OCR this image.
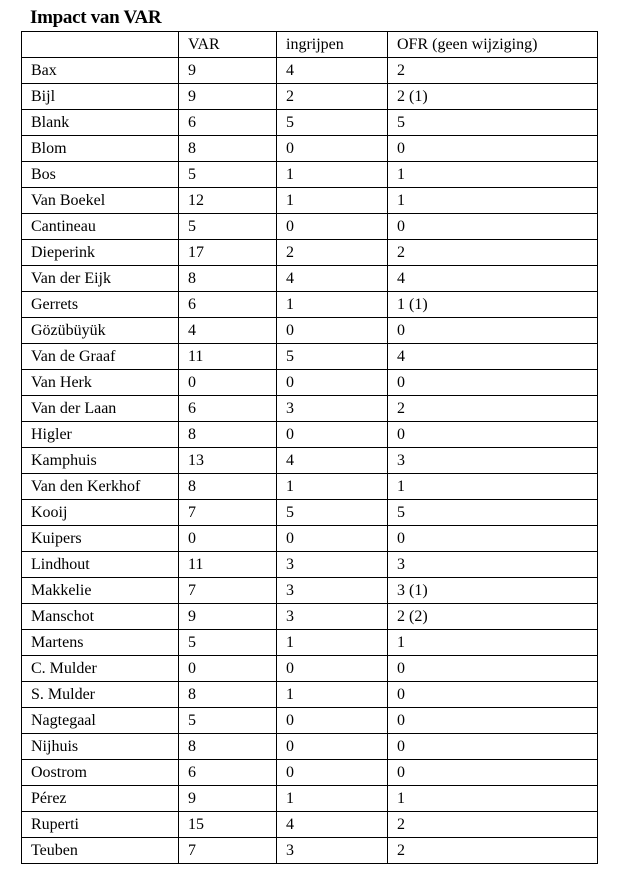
Impact van VAR
	VAR	ingrijpen	OFR (geen wijziging)
Bax	9	4	2
Bijl	9	2	2 (1)
Blank	6	5	5
Blom	8	0	0
Bos	5	1	1
Van Boekel	12	1	1
Cantineau	5	0	0
Dieperink	17	2	2
Van der Eijk	8	4	4
Gerrets	6	1	1 (1)
Gözübüyük	4	0	0
Van de Graaf	11	5	4
Van Herk	0	0	0
Van der Laan	6	3	2
Higler	8	0	0
Kamphuis	13	4	3
Van den Kerkhof	8	1	1
Kooij	7	5	5
Kuipers	0	0	0
Lindhout	11	3	3
Makkelie	7	3	3 (1)
Manschot	9	3	2 (2)
Martens	5	1	1
C. Mulder	0	0	0
S. Mulder	8	1	0
Nagtegaal	5	0	0
Nijhuis	8	0	0
Oostrom	6	0	0
Pérez	9	1	1
Ruperti	15	4	2
Teuben	7	3	2
